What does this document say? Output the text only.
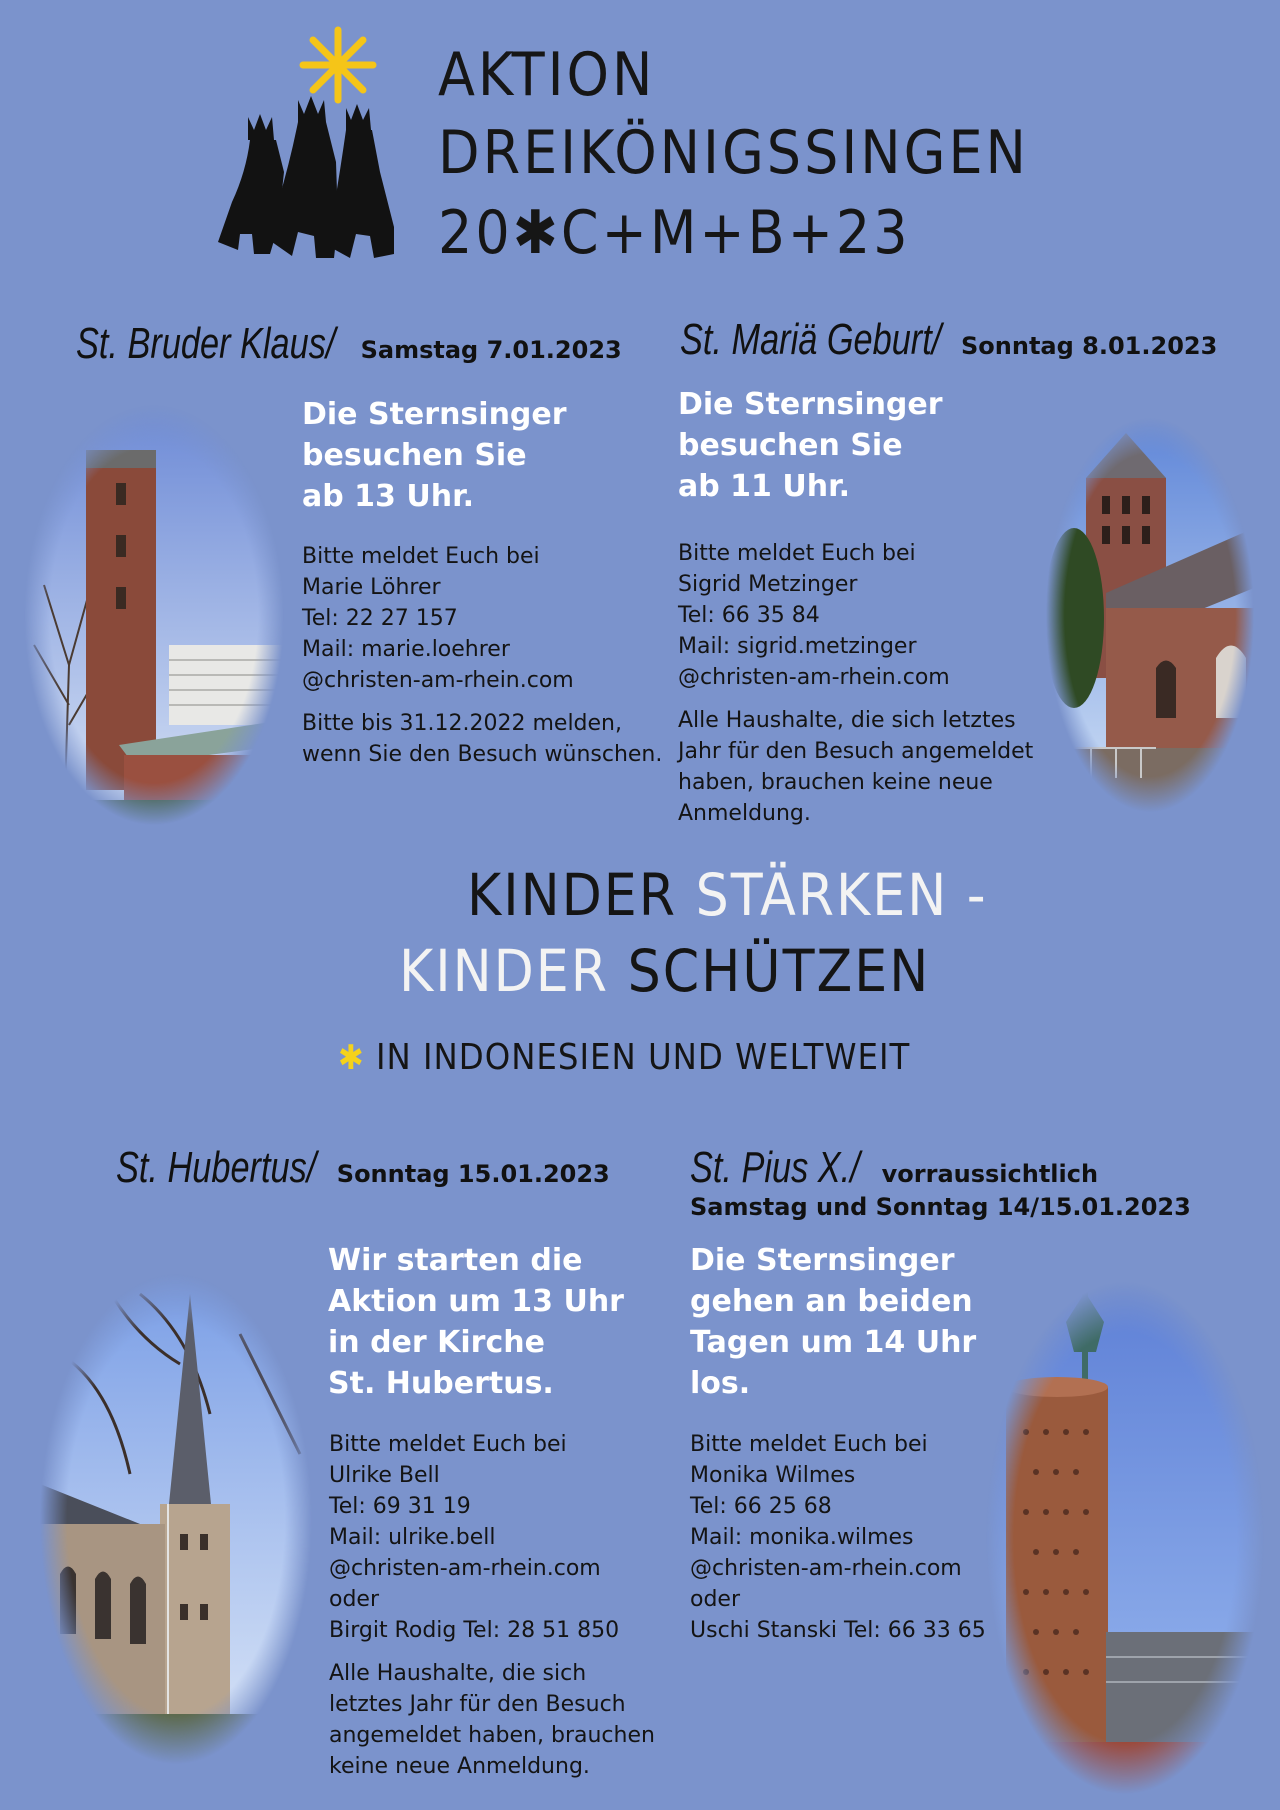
AKTION
DREIKÖNIGSSINGEN
20✱C+M+B+23
St. Bruder Klaus/ Samstag 7.01.2023
Die Sternsinger
besuchen Sie
ab 13 Uhr.
Bitte meldet Euch bei
Marie Löhrer
Tel: 22 27 157
Mail: marie.loehrer
@christen-am-rhein.com
Bitte bis 31.12.2022 melden,
wenn Sie den Besuch wünschen.
St. Mariä Geburt/ Sonntag 8.01.2023
Die Sternsinger
besuchen Sie
ab 11 Uhr.
Bitte meldet Euch bei
Sigrid Metzinger
Tel: 66 35 84
Mail: sigrid.metzinger
@christen-am-rhein.com
Alle Haushalte, die sich letztes
Jahr für den Besuch angemeldet
haben, brauchen keine neue
Anmeldung.
KINDER STÄRKEN -
KINDER SCHÜTZEN
✱ IN INDONESIEN UND WELTWEIT
St. Hubertus/ Sonntag 15.01.2023
Wir starten die
Aktion um 13 Uhr
in der Kirche
St. Hubertus.
Bitte meldet Euch bei
Ulrike Bell
Tel: 69 31 19
Mail: ulrike.bell
@christen-am-rhein.com
oder
Birgit Rodig Tel: 28 51 850
Alle Haushalte, die sich
letztes Jahr für den Besuch
angemeldet haben, brauchen
keine neue Anmeldung.
St. Pius X./ vorraussichtlich
Samstag und Sonntag 14/15.01.2023
Die Sternsinger
gehen an beiden
Tagen um 14 Uhr
los.
Bitte meldet Euch bei
Monika Wilmes
Tel: 66 25 68
Mail: monika.wilmes
@christen-am-rhein.com
oder
Uschi Stanski Tel: 66 33 65
